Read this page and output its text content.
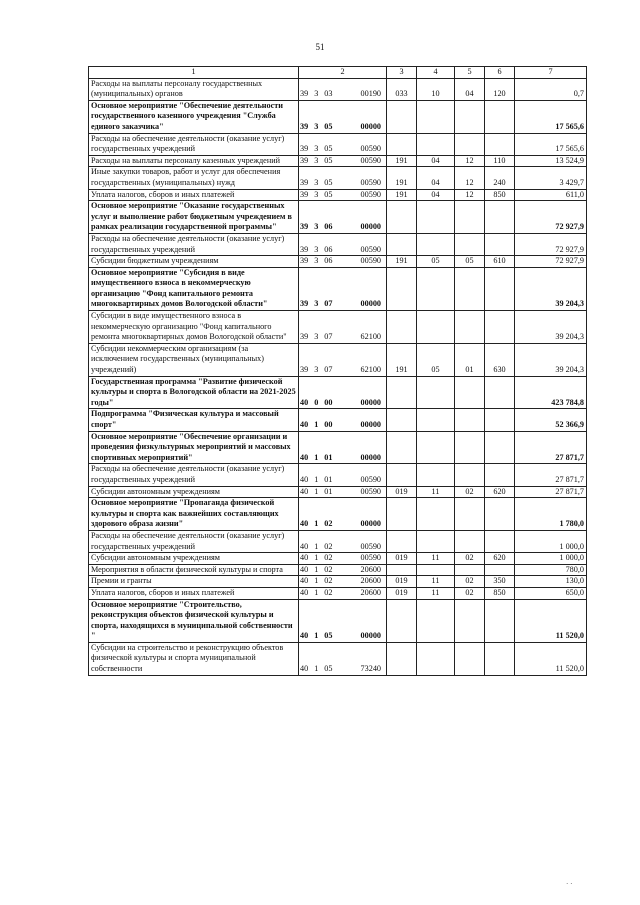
51
1	2	3	4	5	6	7
Расходы на выплаты персоналу государственных (муниципальных) органов	39 3 03 00190	033	10	04	120	0,7
Основное мероприятие "Обеспечение деятельности государственного казенного учреждения "Служба единого заказчика"	39 3 05 00000					17 565,6
Расходы на обеспечение деятельности (оказание услуг) государственных учреждений	39 3 05 00590					17 565,6
Расходы на выплаты персоналу казенных учреждений	39 3 05 00590	191	04	12	110	13 524,9
Иные закупки товаров, работ и услуг для обеспечения государственных (муниципальных) нужд	39 3 05 00590	191	04	12	240	3 429,7
Уплата налогов, сборов и иных платежей	39 3 05 00590	191	04	12	850	611,0
Основное мероприятие "Оказание государственных услуг и выполнение работ бюджетным учреждением в рамках реализации государственной программы"	39 3 06 00000					72 927,9
Расходы на обеспечение деятельности (оказание услуг) государственных учреждений	39 3 06 00590					72 927,9
Субсидии бюджетным учреждениям	39 3 06 00590	191	05	05	610	72 927,9
Основное мероприятие "Субсидия в виде имущественного взноса в некоммерческую организацию "Фонд капитального ремонта многоквартирных домов Вологодской области"	39 3 07 00000					39 204,3
Субсидии в виде имущественного взноса в некоммерческую организацию "Фонд капитального ремонта многоквартирных домов Вологодской области"	39 3 07 62100					39 204,3
Субсидии некоммерческим организациям (за исключением государственных (муниципальных) учреждений)	39 3 07 62100	191	05	01	630	39 204,3
Государственная программа "Развитие физической культуры и спорта в Вологодской области на 2021-2025 годы"	40 0 00 00000					423 784,8
Подпрограмма "Физическая культура и массовый спорт"	40 1 00 00000					52 366,9
Основное мероприятие "Обеспечение организации и проведения физкультурных мероприятий и массовых спортивных мероприятий"	40 1 01 00000					27 871,7
Расходы на обеспечение деятельности (оказание услуг) государственных учреждений	40 1 01 00590					27 871,7
Субсидии автономным учреждениям	40 1 01 00590	019	11	02	620	27 871,7
Основное мероприятие "Пропаганда физической культуры и спорта как важнейших составляющих здорового образа жизни"	40 1 02 00000					1 780,0
Расходы на обеспечение деятельности (оказание услуг) государственных учреждений	40 1 02 00590					1 000,0
Субсидии автономным учреждениям	40 1 02 00590	019	11	02	620	1 000,0
Мероприятия в области физической культуры и спорта	40 1 02 20600					780,0
Премии и гранты	40 1 02 20600	019	11	02	350	130,0
Уплата налогов, сборов и иных платежей	40 1 02 20600	019	11	02	850	650,0
Основное мероприятие "Строительство, реконструкция объектов физической культуры и спорта, находящихся в муниципальной собственности "	40 1 05 00000					11 520,0
Субсидии на строительство и реконструкцию объектов физической культуры и спорта муниципальной собственности	40 1 05 73240					11 520,0
· ·
